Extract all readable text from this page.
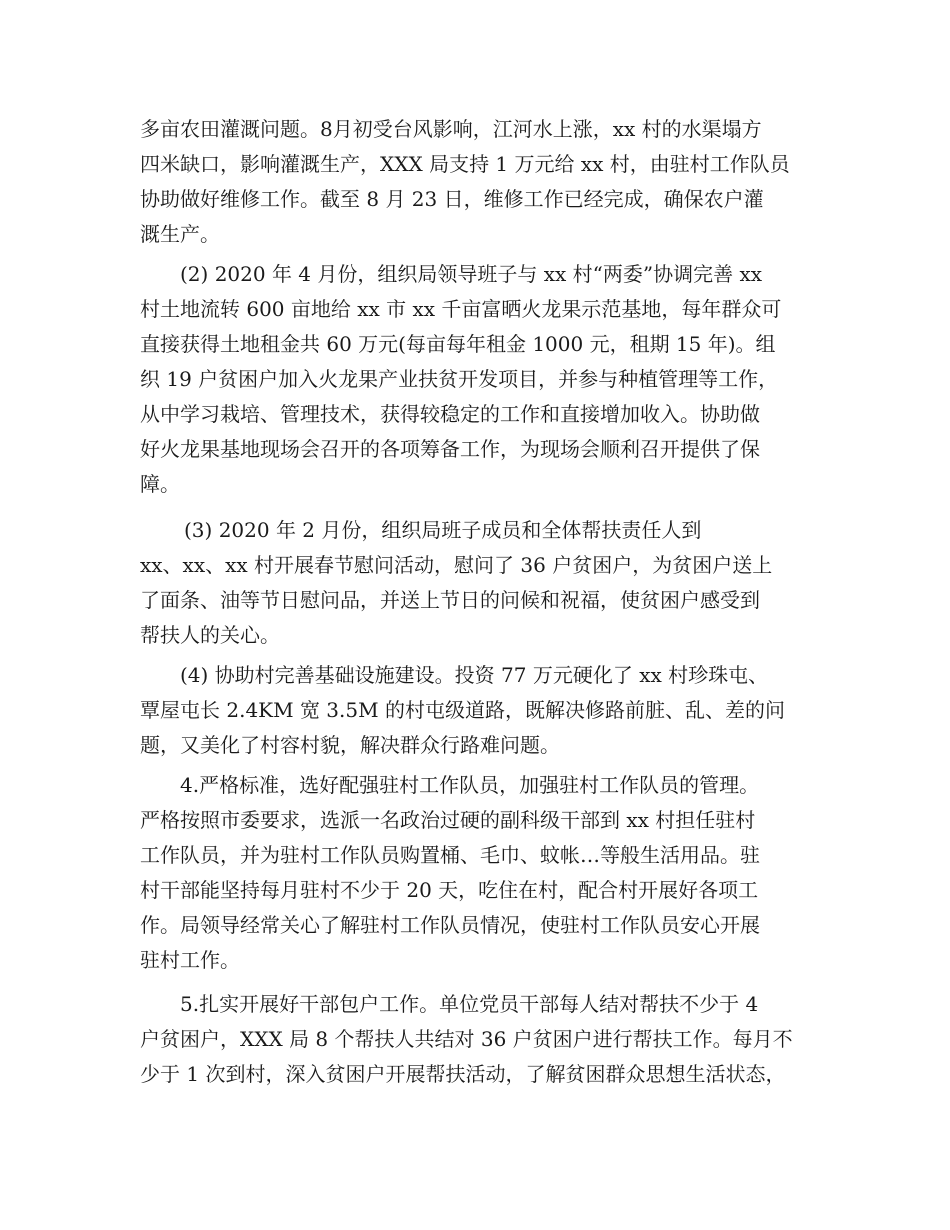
多亩农田灌溉问题。8月初受台风影响，江河水上涨，xx 村的水渠塌方
四米缺口，影响灌溉生产，XXX 局支持 1 万元给 xx 村，由驻村工作队员
协助做好维修工作。截至 8 月 23 日，维修工作已经完成，确保农户灌
溉生产。
(2) 2020 年 4 月份，组织局领导班子与 xx 村“两委”协调完善 xx
村土地流转 600 亩地给 xx 市 xx 千亩富晒火龙果示范基地，每年群众可
直接获得土地租金共 60 万元(每亩每年租金 1000 元，租期 15 年)。组
织 19 户贫困户加入火龙果产业扶贫开发项目，并参与种植管理等工作，
从中学习栽培、管理技术，获得较稳定的工作和直接增加收入。协助做
好火龙果基地现场会召开的各项筹备工作，为现场会顺利召开提供了保
障。
(3) 2020 年 2 月份，组织局班子成员和全体帮扶责任人到
xx、xx、xx 村开展春节慰问活动，慰问了 36 户贫困户，为贫困户送上
了面条、油等节日慰问品，并送上节日的问候和祝福，使贫困户感受到
帮扶人的关心。
(4) 协助村完善基础设施建设。投资 77 万元硬化了 xx 村珍珠屯、
覃屋屯长 2.4KM 宽 3.5M 的村屯级道路，既解决修路前脏、乱、差的问
题，又美化了村容村貌，解决群众行路难问题。
4.严格标准，选好配强驻村工作队员，加强驻村工作队员的管理。
严格按照市委要求，选派一名政治过硬的副科级干部到 xx 村担任驻村
工作队员，并为驻村工作队员购置桶、毛巾、蚊帐…等般生活用品。驻
村干部能坚持每月驻村不少于 20 天，吃住在村，配合村开展好各项工
作。局领导经常关心了解驻村工作队员情况，使驻村工作队员安心开展
驻村工作。
5.扎实开展好干部包户工作。单位党员干部每人结对帮扶不少于 4
户贫困户，XXX 局 8 个帮扶人共结对 36 户贫困户进行帮扶工作。每月不
少于 1 次到村，深入贫困户开展帮扶活动，了解贫困群众思想生活状态，
